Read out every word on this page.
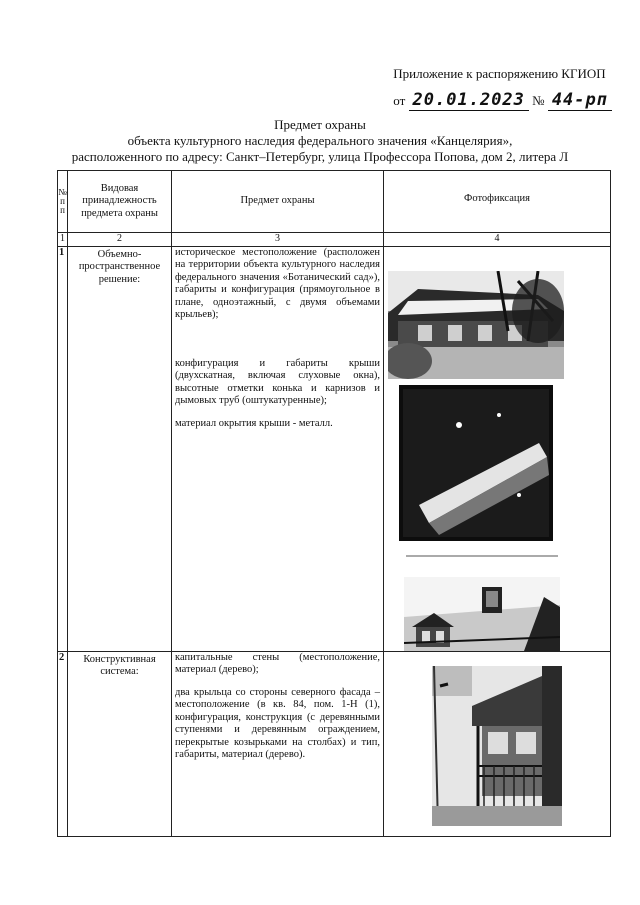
Приложение к распоряжению КГИОП
от 20.01.2023 № 44-рп
Предмет охраны
объекта культурного наследия федерального значения «Канцелярия»,
расположенного по адресу: Санкт–Петербург, улица Профессора Попова, дом 2, литера Л
№ п п	Видовая принадлежность предмета охраны	Предмет охраны	Фотофиксация
1	2	3	4
1	Объемно-пространственное решение:	историческое местоположение (расположен на территории объекта культурного наследия федерального значения «Ботанический сад»), габариты и конфигурация (прямоугольное в плане, одноэтажный, с двумя объемами крыльев);

конфигурация и габариты крыши (двухскатная, включая слуховые окна), высотные отметки конька и карнизов и дымовых труб (оштукатуренные);

материал окрытия крыши - металл.

2	Конструктивная система:	капитальные стены (местоположение, материал (дерево);

два крыльца со стороны северного фасада – местоположение (в кв. 84, пом. 1-Н (1), конфигурация, конструкция (с деревянными ступенями и деревянным ограждением, перекрытые козырьками на столбах) и тип, габариты, материал (дерево).
